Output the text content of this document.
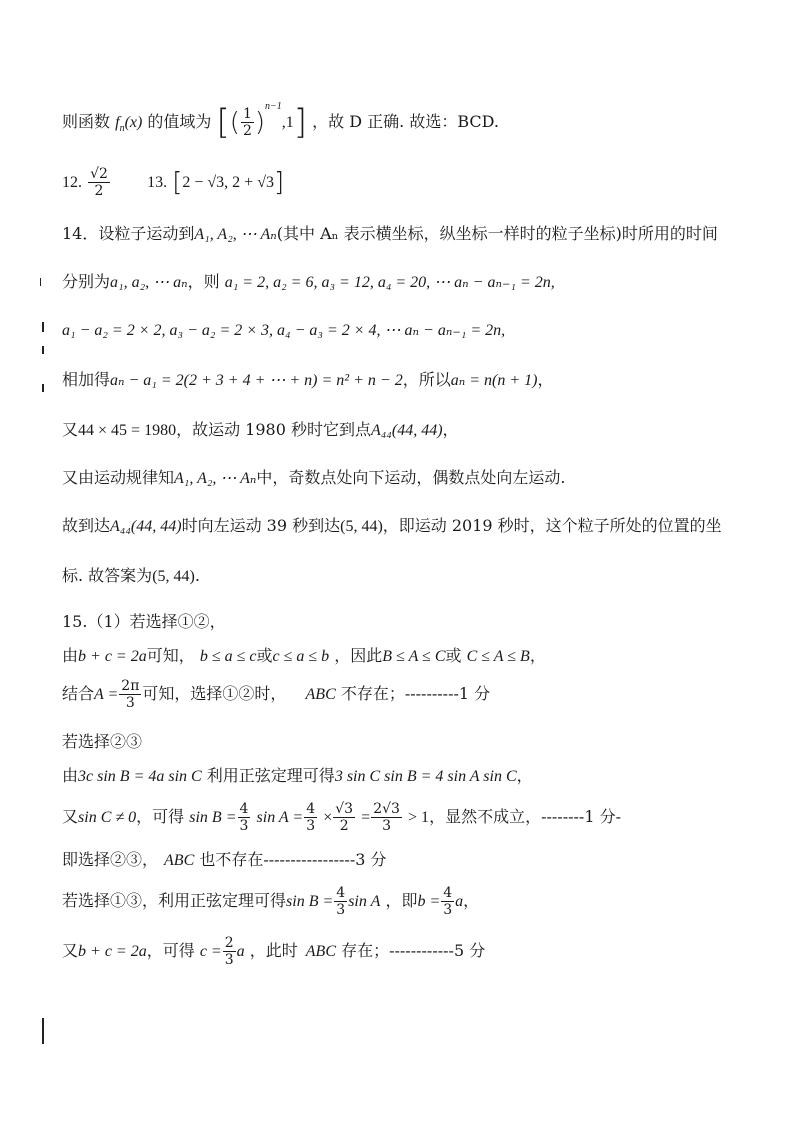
则函数 $f_n(x)$ 的值域为 [( $\frac{1}{2} )^{n-1},1$] ，故 D 正确. 故选：BCD.
12. $\frac{√2}{2} 13$. [2 − √3, 2 + √3]
14．设粒子运动到A₁, A₂, ⋯ Aₙ(其中 Aₙ 表示横坐标，纵坐标一样时的粒子坐标)时所用的时间
分别为a₁, a₂, ⋯ aₙ，则 a₁ = 2, a₂ = 6, a₃ = 12, a₄ = 20, ⋯ aₙ − aₙ₋₁ = 2n,
a₁ − a₂ = 2 × 2, a₃ − a₂ = 2 × 3, a₄ − a₃ = 2 × 4, ⋯ aₙ − aₙ₋₁ = 2n,
相加得aₙ − a₁ = 2(2 + 3 + 4 + ⋯ + n) = n² + n − 2，所以aₙ = n(n + 1)，
又44 × 45 = 1980，故运动 1980 秒时它到点A₄₄(44, 44)，
又由运动规律知A₁, A₂, ⋯ Aₙ中，奇数点处向下运动，偶数点处向左运动.
故到达A₄₄(44, 44)时向左运动 39 秒到达(5, 44)，即运动 2019 秒时，这个粒子所处的位置的坐
标. 故答案为(5, 44).
15.（1）若选择①②，
由b + c = 2a可知， b ≤ a ≤ c或c ≤ a ≤ b ，因此B ≤ A ≤ C或 C ≤ A ≤ B，
结合$A = \frac{2\pi}{3}$ 可知，选择①②时， ABC 不存在；----------1 分
若选择②③
由3c sin B = 4a sin C 利用正弦定理可得3 sin C sin B = 4 sin A sin C，
又sin C ≠ 0，可得 $\sin B = \frac{4}{3}$ $\sin A = \frac{4}{3} \times \frac{√3}{2} = \frac{2√3}{3} > 1$，显然不成立，--------1 分-
即选择②③， ABC 也不存在-----------------3 分
若选择①③，利用正弦定理可得$\sin B = \frac{4}{3}$ sin A ，即$b = \frac{4}{3}$ a，
又b + c = 2a，可得 $c = \frac{2}{3}$ a ，此时 ABC 存在；------------5 分
